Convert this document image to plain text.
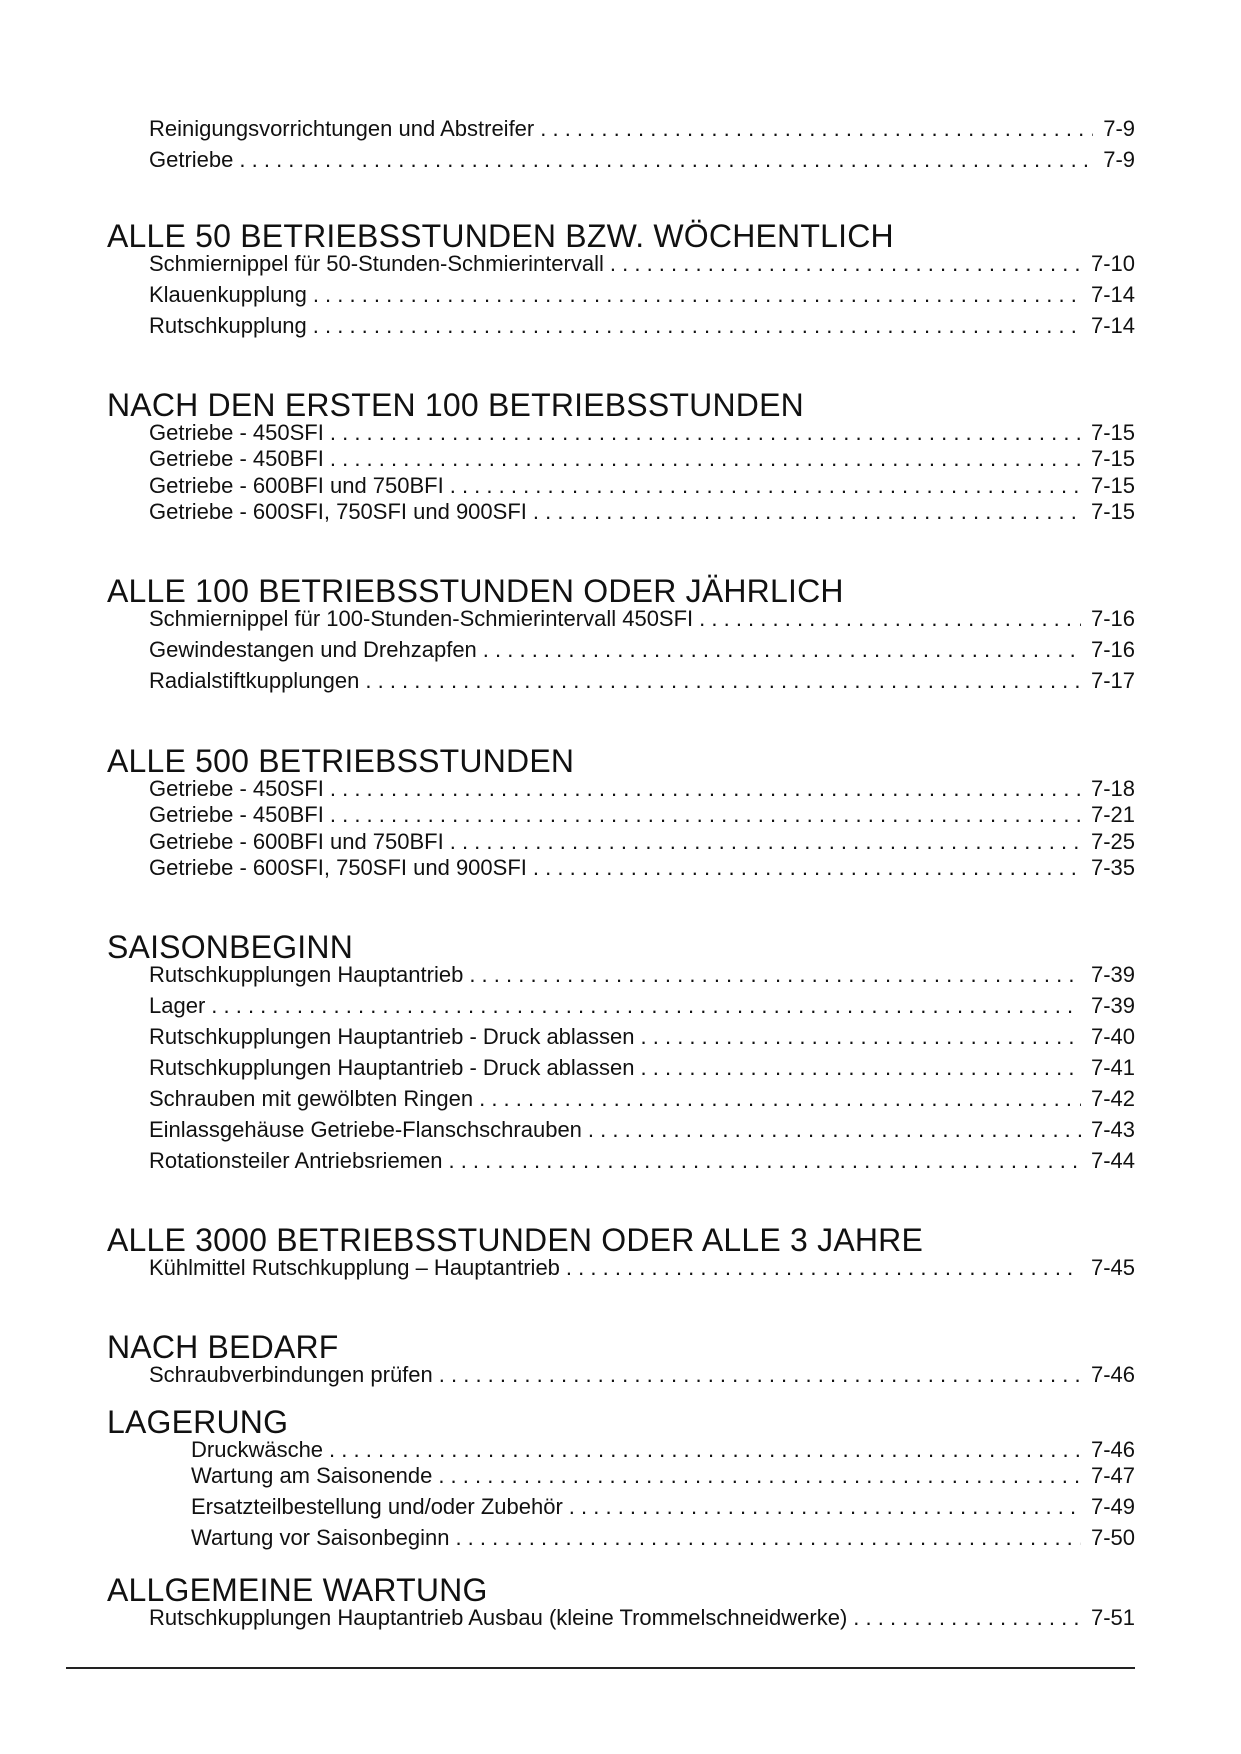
Reinigungsvorrichtungen und Abstreifer . . .	7-9
Getriebe . . .	7-9
ALLE 50 BETRIEBSSTUNDEN BZW. WÖCHENTLICH
Schmiernippel für 50-Stunden-Schmierintervall . . .	7-10
Klauenkupplung . . .	7-14
Rutschkupplung . . .	7-14
NACH DEN ERSTEN 100 BETRIEBSSTUNDEN
Getriebe - 450SFI . . .	7-15
Getriebe - 450BFI . . .	7-15
Getriebe - 600BFI und 750BFI . . .	7-15
Getriebe - 600SFI, 750SFI und 900SFI . . .	7-15
ALLE 100 BETRIEBSSTUNDEN ODER JÄHRLICH
Schmiernippel für 100-Stunden-Schmierintervall 450SFI . . .	7-16
Gewindestangen und Drehzapfen . . .	7-16
Radialstiftkupplungen . . .	7-17
ALLE 500 BETRIEBSSTUNDEN
Getriebe - 450SFI . . .	7-18
Getriebe - 450BFI . . .	7-21
Getriebe - 600BFI und 750BFI . . .	7-25
Getriebe - 600SFI, 750SFI und 900SFI . . .	7-35
SAISONBEGINN
Rutschkupplungen Hauptantrieb . . .	7-39
Lager . . .	7-39
Rutschkupplungen Hauptantrieb - Druck ablassen . . .	7-40
Rutschkupplungen Hauptantrieb - Druck ablassen . . .	7-41
Schrauben mit gewölbten Ringen . . .	7-42
Einlassgehäuse Getriebe-Flanschschrauben . . .	7-43
Rotationsteiler Antriebsriemen . . .	7-44
ALLE 3000 BETRIEBSSTUNDEN ODER ALLE 3 JAHRE
Kühlmittel Rutschkupplung – Hauptantrieb . . .	7-45
NACH BEDARF
Schraubverbindungen prüfen . . .	7-46
LAGERUNG
Druckwäsche . . .	7-46
Wartung am Saisonende . . .	7-47
Ersatzteilbestellung und/oder Zubehör . . .	7-49
Wartung vor Saisonbeginn . . .	7-50
ALLGEMEINE WARTUNG
Rutschkupplungen Hauptantrieb Ausbau (kleine Trommelschneidwerke) . . .	7-51
